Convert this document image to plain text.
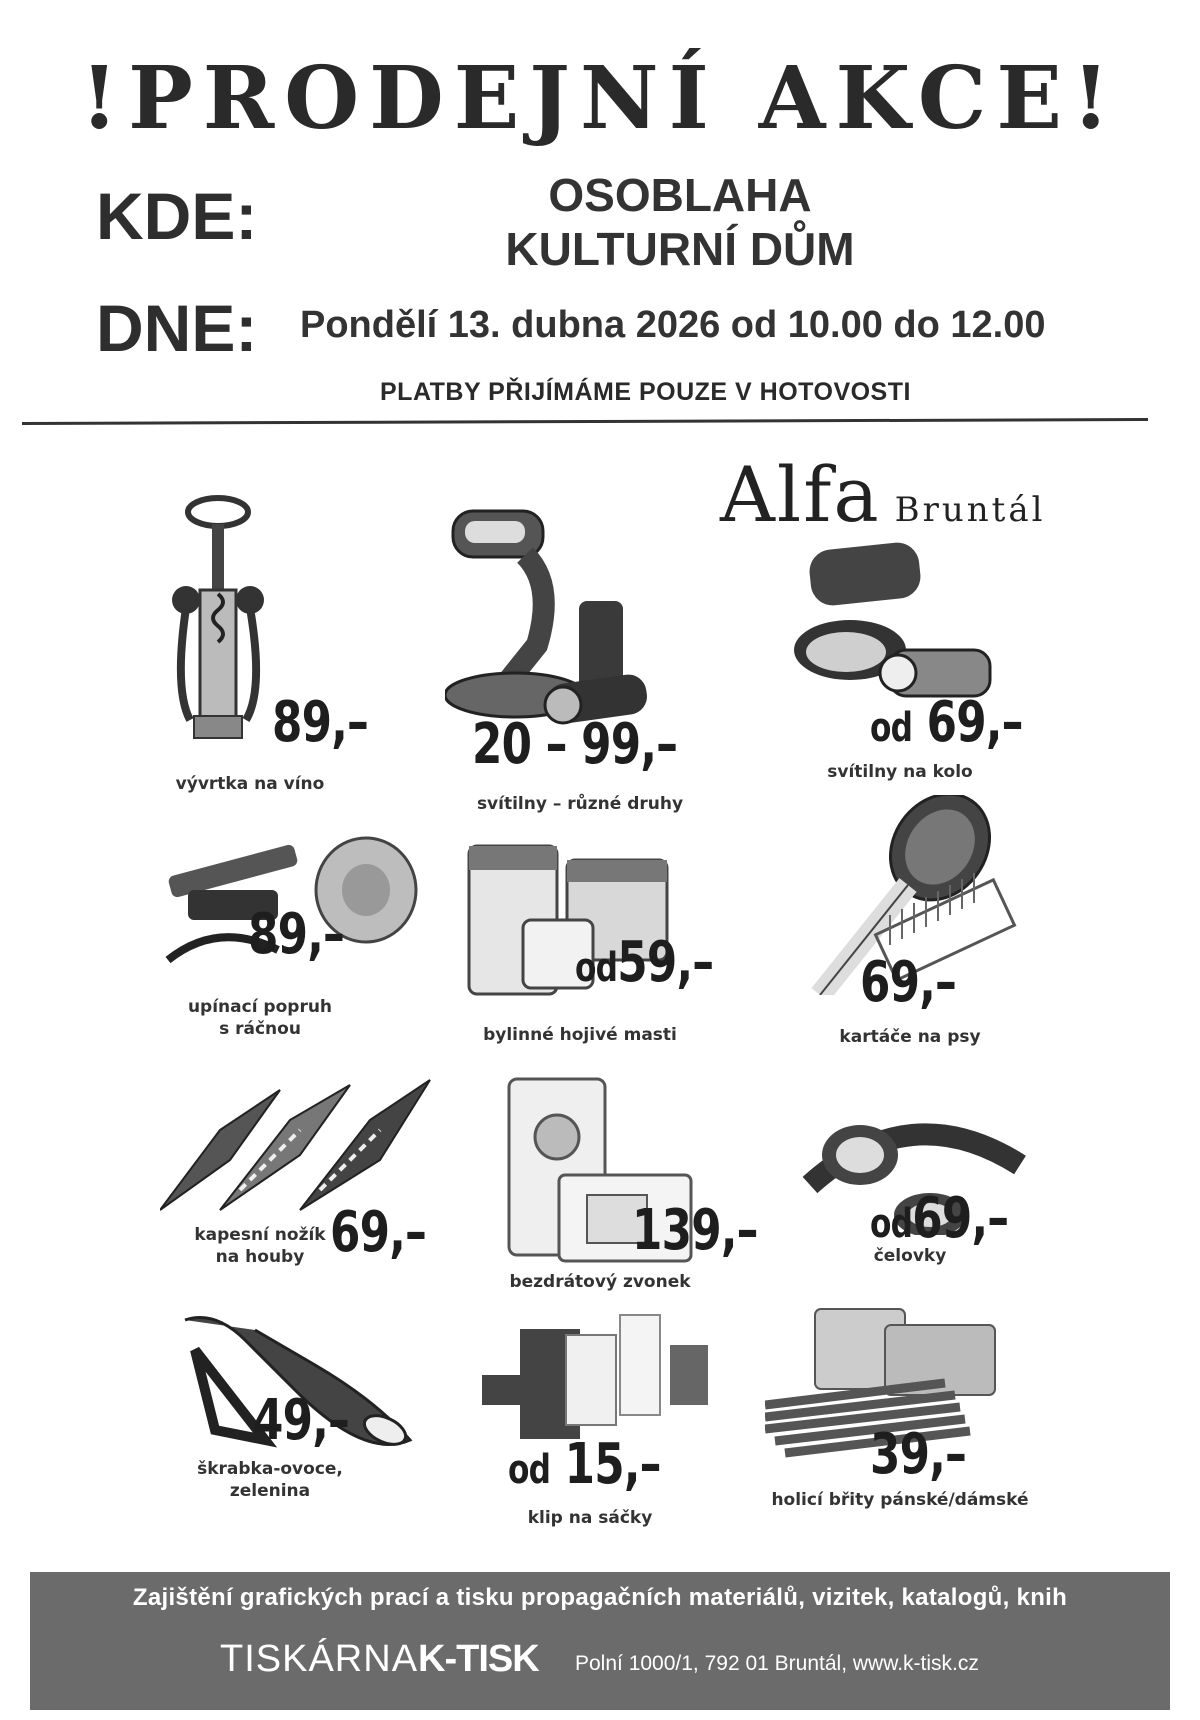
!PRODEJNÍ AKCE!
KDE:	OSOBLAHA
KULTURNÍ DŮM
DNE: Pondělí 13. dubna 2026 od 10.00 do 12.00
PLATBY PŘIJÍMÁME POUZE V HOTOVOSTI
Alfa Bruntál
89,–
vývrtka na víno
20 – 99,–
svítilny – různé druhy
od 69,–
svítilny na kolo
89,–
upínací popruh
s ráčnou
od59,–
bylinné hojivé masti
69,–
kartáče na psy
69,–
kapesní nožík
na houby	139,–
bezdrátový zvonek
od69,–
čelovky
49,–
škrabka-ovoce,
zelenina	od 15,–
klip na sáčky
39,–
holicí břity pánské/dámské
Zajištění grafických prací a tisku propagačních materiálů, vizitek, katalogů, knih
TISKÁRNAK-TISK Polní 1000/1, 792 01 Bruntál, www.k-tisk.cz
